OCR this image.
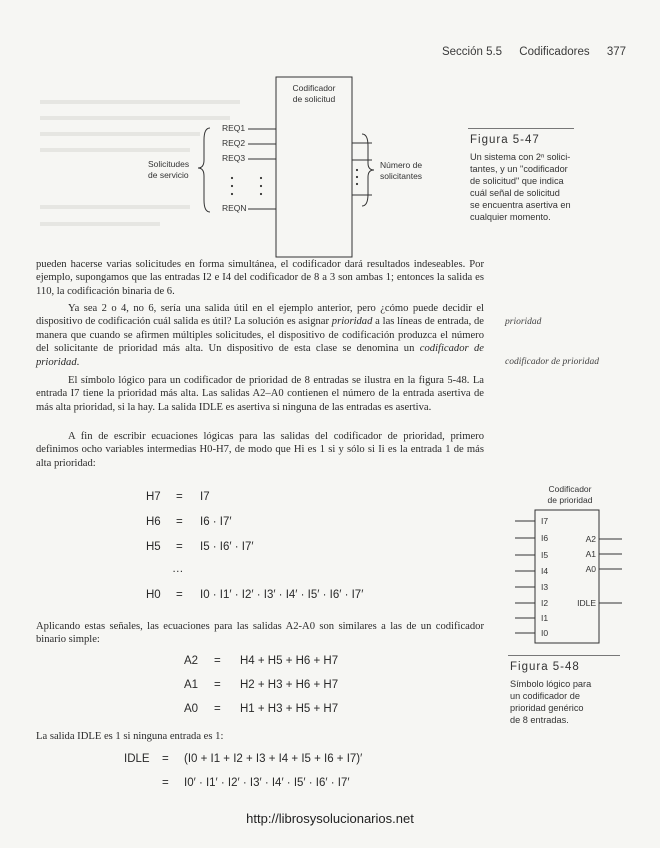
Sección 5.5 Codificadores 377
Codificador
de solicitud
REQ1
REQ2
REQ3
REQN
Solicitudes
de servicio
Número de
solicitantes
Figura 5-47
Un sistema con 2ⁿ solici-
tantes, y un "codificador
de solicitud" que indica
cuál señal de solicitud
se encuentra asertiva en
cualquier momento.

pueden hacerse varias solicitudes en forma simultánea, el codificador dará resultados indeseables. Por ejemplo, supongamos que las entradas I2 e I4 del codificador de 8 a 3 son ambas 1; entonces la salida es 110, la codificación binaria de 6.

Ya sea 2 o 4, no 6, sería una salida útil en el ejemplo anterior, pero ¿cómo puede decidir el dispositivo de codificación cuál salida es útil? La solución es asignar prioridad a las líneas de entrada, de manera que cuando se afirmen múltiples solicitudes, el dispositivo de codificación produzca el número del solicitante de prioridad más alta. Un dispositivo de esta clase se denomina un codificador de prioridad.

prioridad
codificador de prioridad

El símbolo lógico para un codificador de prioridad de 8 entradas se ilustra en la figura 5-48. La entrada I7 tiene la prioridad más alta. Las salidas A2–A0 contienen el número de la entrada asertiva de más alta prioridad, si la hay. La salida IDLE es asertiva si ninguna de las entradas es asertiva.

A fin de escribir ecuaciones lógicas para las salidas del codificador de prioridad, primero definimos ocho variables intermedias H0-H7, de modo que Hi es 1 si y sólo si Ii es la entrada 1 de más alta prioridad:

H7 = I7
H6 = I6 · I7′
H5 = I5 · I6′ · I7′
…
H0 = I0 · I1′ · I2′ · I3′ · I4′ · I5′ · I6′ · I7′

Aplicando estas señales, las ecuaciones para las salidas A2-A0 son similares a las de un codificador binario simple:

A2 = H4 + H5 + H6 + H7
A1 = H2 + H3 + H6 + H7
A0 = H1 + H3 + H5 + H7

La salida IDLE es 1 si ninguna entrada es 1:

IDLE = (I0 + I1 + I2 + I3 + I4 + I5 + I6 + I7)′
= I0′ · I1′ · I2′ · I3′ · I4′ · I5′ · I6′ · I7′
Codificador
de prioridad
I7
I6
I5
I4
I3
I2
I1
I0
A2
A1
A0
IDLE
Figura 5-48
Símbolo lógico para
un codificador de
prioridad genérico
de 8 entradas.
http://librosysolucionarios.net
